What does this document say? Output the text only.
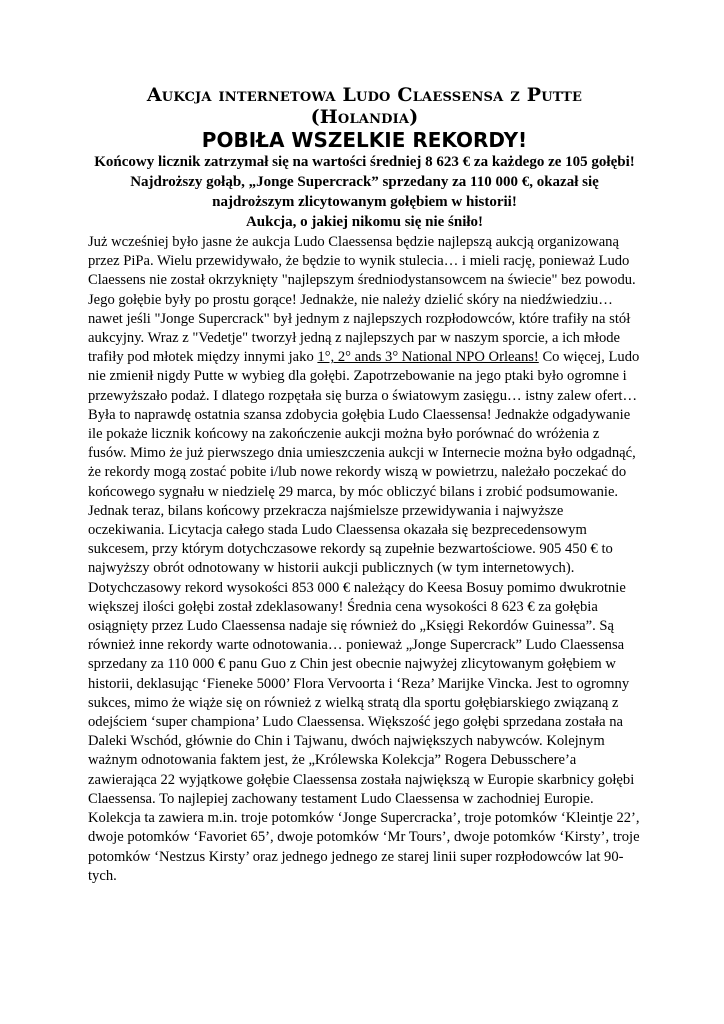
Aukcja internetowa Ludo Claessensa z Putte
(Holandia)
POBIŁA WSZELKIE REKORDY!

Końcowy licznik zatrzymał się na wartości średniej 8 623 € za każdego ze 105 gołębi!

Najdroższy gołąb, „Jonge Supercrack” sprzedany za 110 000 €, okazał się najdroższym zlicytowanym gołębiem w historii!

Aukcja, o jakiej nikomu się nie śniło!

Już wcześniej było jasne że aukcja Ludo Claessensa będzie najlepszą aukcją organizowaną przez PiPa. Wielu przewidywało, że będzie to wynik stulecia… i mieli rację, ponieważ Ludo Claessens nie został okrzyknięty "najlepszym średniodystansowcem na świecie" bez powodu. Jego gołębie były po prostu gorące! Jednakże, nie należy dzielić skóry na niedźwiedziu… nawet jeśli "Jonge Supercrack" był jednym z najlepszych rozpłodowców, które trafiły na stół aukcyjny. Wraz z "Vedetje" tworzył jedną z najlepszych par w naszym sporcie, a ich młode trafiły pod młotek między innymi jako 1°, 2° ands 3° National NPO Orleans! Co więcej, Ludo nie zmienił nigdy Putte w wybieg dla gołębi. Zapotrzebowanie na jego ptaki było ogromne i przewyższało podaż. I dlatego rozpętała się burza o światowym zasięgu… istny zalew ofert… Była to naprawdę ostatnia szansa zdobycia gołębia Ludo Claessensa! Jednakże odgadywanie ile pokaże licznik końcowy na zakończenie aukcji można było porównać do wróżenia z fusów. Mimo że już pierwszego dnia umieszczenia aukcji w Internecie można było odgadnąć, że rekordy mogą zostać pobite i/lub nowe rekordy wiszą w powietrzu, należało poczekać do końcowego sygnału w niedzielę 29 marca, by móc obliczyć bilans i zrobić podsumowanie. Jednak teraz, bilans końcowy przekracza najśmielsze przewidywania i najwyższe oczekiwania. Licytacja całego stada Ludo Claessensa okazała się bezprecedensowym sukcesem, przy którym dotychczasowe rekordy są zupełnie bezwartościowe. 905 450 € to najwyższy obrót odnotowany w historii aukcji publicznych (w tym internetowych). Dotychczasowy rekord wysokości 853 000 € należący do Keesa Bosuy pomimo dwukrotnie większej ilości gołębi został zdeklasowany! Średnia cena wysokości 8 623 € za gołębia osiągnięty przez Ludo Claessensa nadaje się również do „Księgi Rekordów Guinessa”. Są również inne rekordy warte odnotowania… ponieważ „Jonge Supercrack” Ludo Claessensa sprzedany za 110 000 € panu Guo z Chin jest obecnie najwyżej zlicytowanym gołębiem w historii, deklasując ‘Fieneke 5000’ Flora Vervoorta i ‘Reza’ Marijke Vincka. Jest to ogromny sukces, mimo że wiąże się on również z wielką stratą dla sportu gołębiarskiego związaną z odejściem ‘super championa’ Ludo Claessensa. Większość jego gołębi sprzedana została na Daleki Wschód, głównie do Chin i Tajwanu, dwóch największych nabywców. Kolejnym ważnym odnotowania faktem jest, że „Królewska Kolekcja” Rogera Debusschere’a zawierająca 22 wyjątkowe gołębie Claessensa została największą w Europie skarbnicy gołębi Claessensa. To najlepiej zachowany testament Ludo Claessensa w zachodniej Europie. Kolekcja ta zawiera m.in. troje potomków ‘Jonge Supercracka’, troje potomków ‘Kleintje 22’, dwoje potomków ‘Favoriet 65’, dwoje potomków ‘Mr Tours’, dwoje potomków ‘Kirsty’, troje potomków ‘Nestzus Kirsty’ oraz jednego jednego ze starej linii super rozpłodowców lat 90-tych.
